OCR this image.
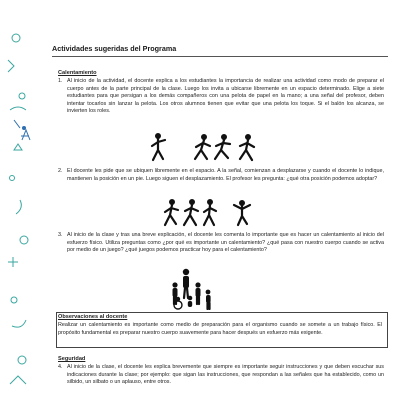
Actividades sugeridas del Programa
Calentamiento
1. Al inicio de la actividad, el docente explica a los estudiantes la importancia de realizar una actividad como modo de preparar el cuerpo antes de la parte principal de la clase. Luego los invita a ubicarse libremente en un espacio determinado. Elige a siete estudiantes para que persigan a los demás compañeros con una pelota de papel en la mano; a una señal del profesor, deben intentar tocarlos sin lanzar la pelota. Los otros alumnos tienen que evitar que una pelota los toque. Si el balón los alcanza, se invierten los roles.
2. El docente les pide que se ubiquen libremente en el espacio. A la señal, comienzan a desplazarse y cuando el docente lo indique, mantienen la posición en un pie. Luego siguen el desplazamiento. El profesor les pregunta: ¿qué otra posición podemos adoptar?
3. Al inicio de la clase y tras una breve explicación, el docente les comenta lo importante que es hacer un calentamiento al inicio del esfuerzo físico. Utiliza preguntas como ¿por qué es importante un calentamiento? ¿qué pasa con nuestro cuerpo cuando se activa por medio de un juego? ¿qué juegos podemos practicar hoy para el calentamiento?
Observaciones al docente
Realizar un calentamiento es importante como medio de preparación para el organismo cuando se somete a un trabajo físico. El propósito fundamental es preparar nuestro cuerpo suavemente para hacer después un esfuerzo más exigente.
Seguridad
4. Al inicio de la clase, el docente les explica brevemente que siempre es importante seguir instrucciones y que deben escuchar sus indicaciones durante la clase; por ejemplo: que sigan las instrucciones, que respondan a las señales que ha establecido, como un silbido, un silbato o un aplauso, entre otros.
